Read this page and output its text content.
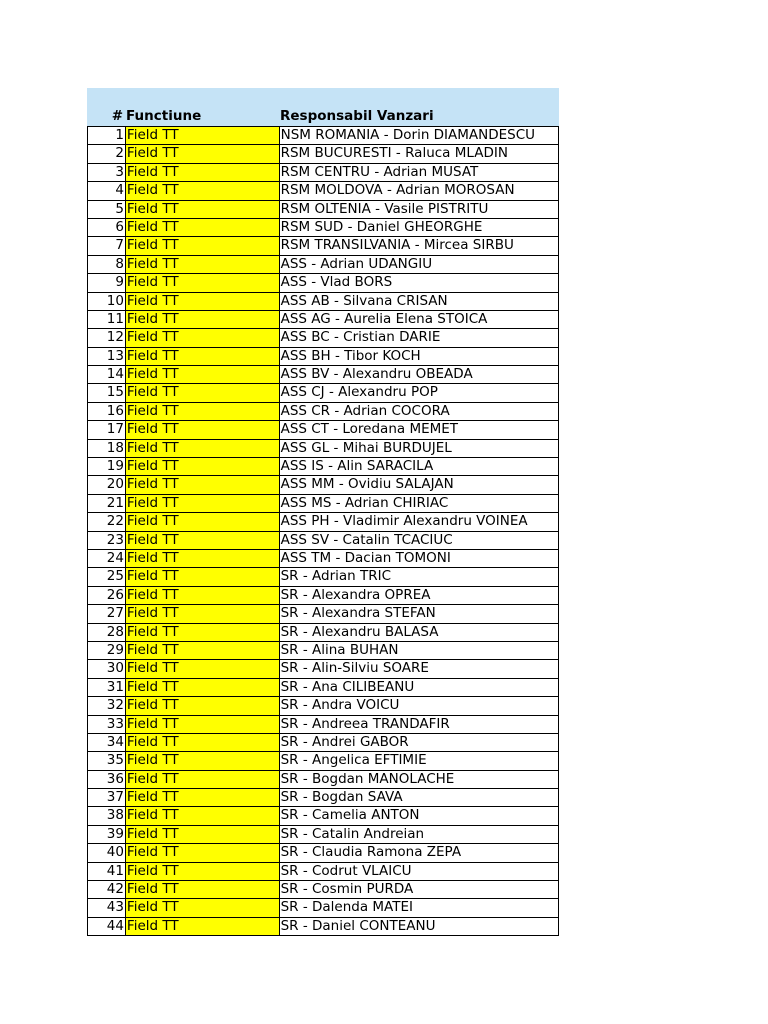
# Functiune	Responsabil Vanzari
1 Field TT	NSM ROMANIA - Dorin DIAMANDESCU
2 Field TT	RSM BUCURESTI - Raluca MLADIN
3 Field TT	RSM CENTRU - Adrian MUSAT
4 Field TT	RSM MOLDOVA - Adrian MOROSAN
5 Field TT	RSM OLTENIA - Vasile PISTRITU
6 Field TT	RSM SUD - Daniel GHEORGHE
7 Field TT	RSM TRANSILVANIA - Mircea SIRBU
8 Field TT	ASS - Adrian UDANGIU
9 Field TT	ASS - Vlad BORS
10 Field TT	ASS AB - Silvana CRISAN
11 Field TT	ASS AG - Aurelia Elena STOICA
12 Field TT	ASS BC - Cristian DARIE
13 Field TT	ASS BH - Tibor KOCH
14 Field TT	ASS BV - Alexandru OBEADA
15 Field TT	ASS CJ - Alexandru POP
16 Field TT	ASS CR - Adrian COCORA
17 Field TT	ASS CT - Loredana MEMET
18 Field TT	ASS GL - Mihai BURDUJEL
19 Field TT	ASS IS - Alin SARACILA
20 Field TT	ASS MM - Ovidiu SALAJAN
21 Field TT	ASS MS - Adrian CHIRIAC
22 Field TT	ASS PH - Vladimir Alexandru VOINEA
23 Field TT	ASS SV - Catalin TCACIUC
24 Field TT	ASS TM - Dacian TOMONI
25 Field TT	SR - Adrian TRIC
26 Field TT	SR - Alexandra OPREA
27 Field TT	SR - Alexandra STEFAN
28 Field TT	SR - Alexandru BALASA
29 Field TT	SR - Alina BUHAN
30 Field TT	SR - Alin-Silviu SOARE
31 Field TT	SR - Ana CILIBEANU
32 Field TT	SR - Andra VOICU
33 Field TT	SR - Andreea TRANDAFIR
34 Field TT	SR - Andrei GABOR
35 Field TT	SR - Angelica EFTIMIE
36 Field TT	SR - Bogdan MANOLACHE
37 Field TT	SR - Bogdan SAVA
38 Field TT	SR - Camelia ANTON
39 Field TT	SR - Catalin Andreian
40 Field TT	SR - Claudia Ramona ZEPA
41 Field TT	SR - Codrut VLAICU
42 Field TT	SR - Cosmin PURDA
43 Field TT	SR - Dalenda MATEI
44 Field TT	SR - Daniel CONTEANU
